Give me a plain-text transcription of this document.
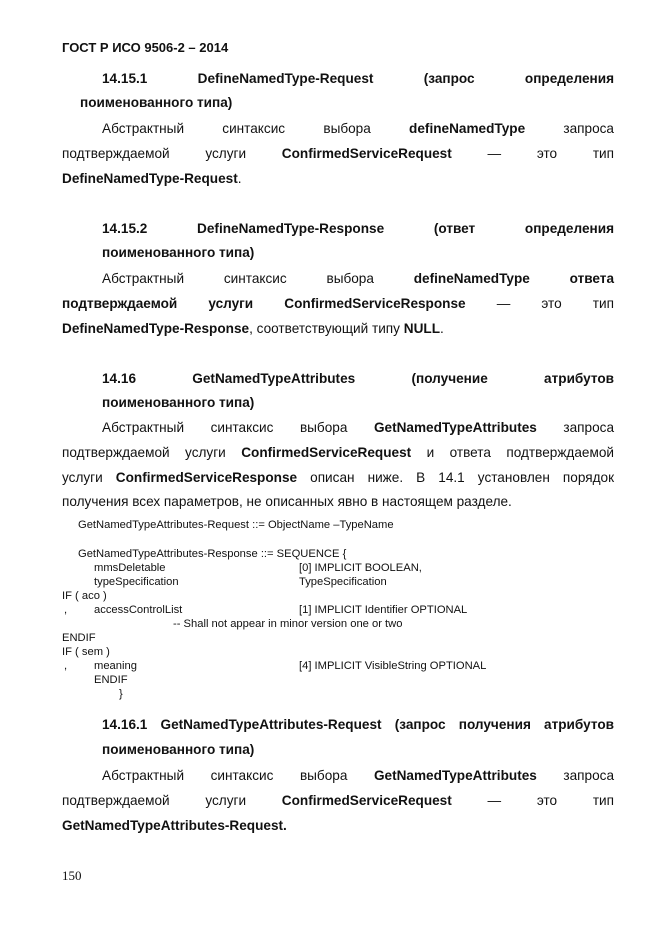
ГОСТ Р ИСО 9506-2 – 2014
14.15.1 DefineNamedType-Request	(запрос	определения
поименованного типа)
Абстрактный	синтаксис	выбора	defineNamedType	запроса
подтверждаемой	услуги	ConfirmedServiceRequest	—	это	тип
DefineNamedType-Request.
14.15.2 DefineNamedType-Response	(ответ	определения
поименованного типа)
Абстрактный	синтаксис	выбора	defineNamedType	ответа
подтверждаемой услуги ConfirmedServiceResponse — это тип
DefineNamedType-Response, соответствующий типу NULL.
14.16	GetNamedTypeAttributes	(получение	атрибутов
поименованного типа)
Абстрактный синтаксис выбора GetNamedTypeAttributes запроса
подтверждаемой услуги ConfirmedServiceRequest и ответа подтверждаемой
услуги ConfirmedServiceResponse описан ниже. В 14.1 установлен порядок
получения всех параметров, не описанных явно в настоящем разделе.
GetNamedTypeAttributes-Request ::= ObjectName –TypeName
GetNamedTypeAttributes-Response ::= SEQUENCE {
mmsDeletable	[0] IMPLICIT BOOLEAN,
typeSpecification	TypeSpecification
IF ( aco )
, accessControlList	[1] IMPLICIT Identifier OPTIONAL
-- Shall not appear in minor version one or two
ENDIF
IF ( sem )
, meaning	[4] IMPLICIT VisibleString OPTIONAL
ENDIF
}
14.16.1 GetNamedTypeAttributes-Request (запрос получения атрибутов
поименованного типа)
Абстрактный синтаксис выбора GetNamedTypeAttributes запроса
подтверждаемой	услуги	ConfirmedServiceRequest	—	это	тип
GetNamedTypeAttributes-Request.
150
